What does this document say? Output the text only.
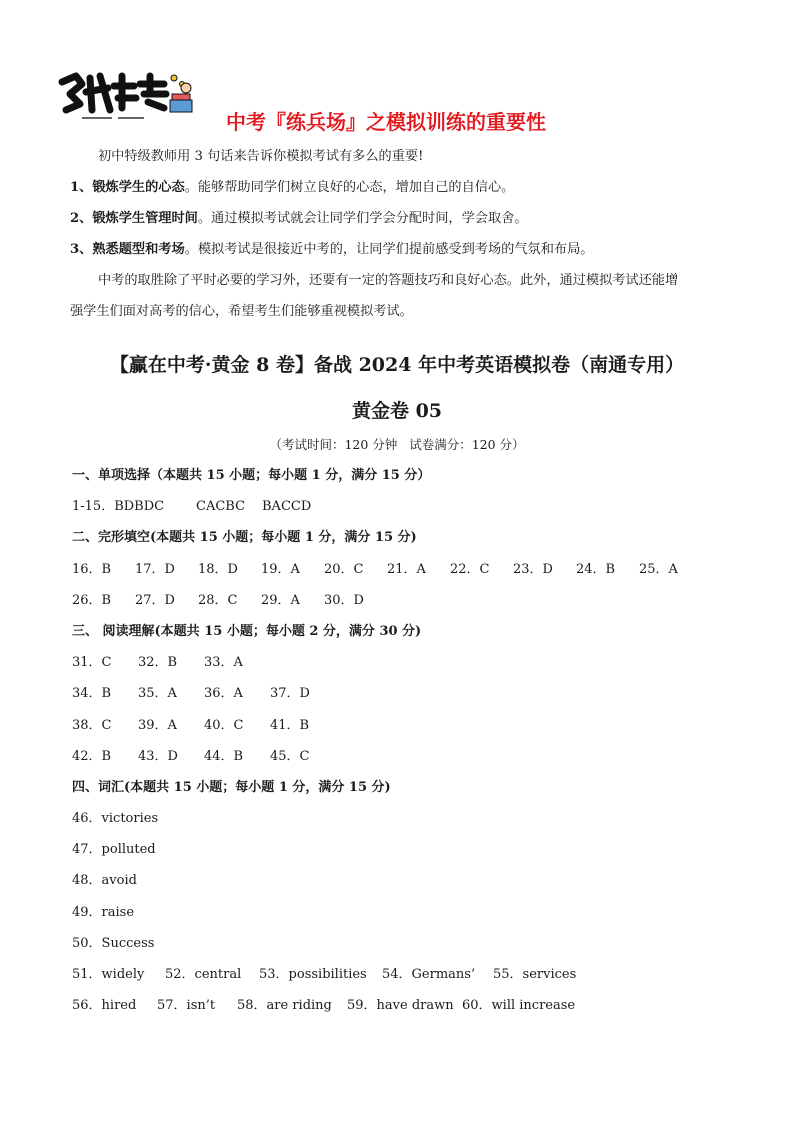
中考『练兵场』之模拟训练的重要性

初中特级教师用 3 句话来告诉你模拟考试有多么的重要!

1、锻炼学生的心态。能够帮助同学们树立良好的心态，增加自己的自信心。

2、锻炼学生管理时间。通过模拟考试就会让同学们学会分配时间，学会取舍。

3、熟悉题型和考场。模拟考试是很接近中考的，让同学们提前感受到考场的气氛和布局。

中考的取胜除了平时必要的学习外，还要有一定的答题技巧和良好心态。此外，通过模拟考试还能增

强学生们面对高考的信心，希望考生们能够重视模拟考试。

【赢在中考·黄金 8 卷】备战 2024 年中考英语模拟卷（南通专用）
黄金卷 05
（考试时间：120 分钟   试卷满分：120 分）
一、单项选择（本题共 15 小题；每小题 1 分，满分 15 分）
1-15．BDBDC	CACBC	BACCD
二、完形填空(本题共 15 小题；每小题 1 分，满分 15 分)
16．B	17．D	18．D	19．A	20．C	21．A	22．C	23．D	24．B	25．A
26．B	27．D	28．C	29．A	30．D
三、 阅读理解(本题共 15 小题；每小题 2 分，满分 30 分)
31．C	32．B	33．A
34．B	35．A	36．A	37．D
38．C	39．A	40．C	41．B
42．B	43．D	44．B	45．C
四、词汇(本题共 15 小题；每小题 1 分，满分 15 分)
46．victories
47．polluted
48．avoid
49．raise
50．Success
51．widely	52．central	53．possibilities	54．Germans’	55．services
56．hired	57．isn’t	58．are riding	59．have drawn 60．will increase
